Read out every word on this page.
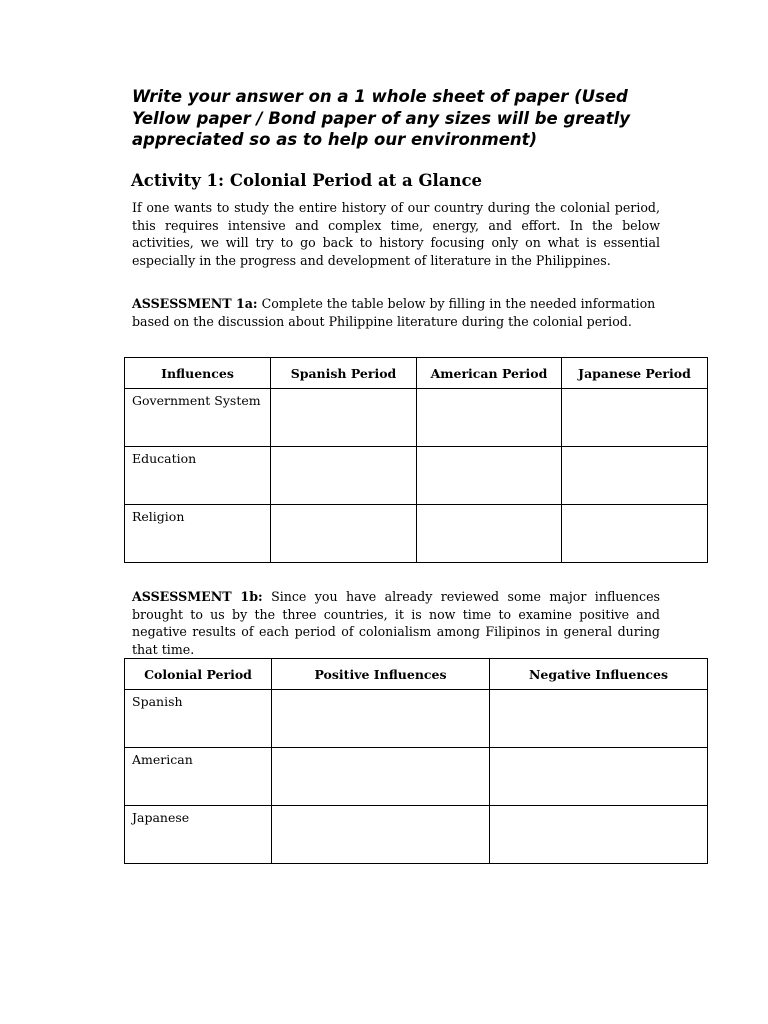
Write your answer on a 1 whole sheet of paper (Used Yellow paper / Bond paper of any sizes will be greatly appreciated so as to help our environment)
Activity 1: Colonial Period at a Glance
If one wants to study the entire history of our country during the colonial period, this requires intensive and complex time, energy, and effort. In the below activities, we will try to go back to history focusing only on what is essential especially in the progress and development of literature in the Philippines.
ASSESSMENT 1a: Complete the table below by filling in the needed information based on the discussion about Philippine literature during the colonial period.
Influences	Spanish Period	American Period	Japanese Period

Government System			

Education			

Religion			

ASSESSMENT 1b: Since you have already reviewed some major influences brought to us by the three countries, it is now time to examine positive and negative results of each period of colonialism among Filipinos in general during that time.
Colonial Period	Positive Influences	Negative Influences

Spanish		

American		

Japanese		
